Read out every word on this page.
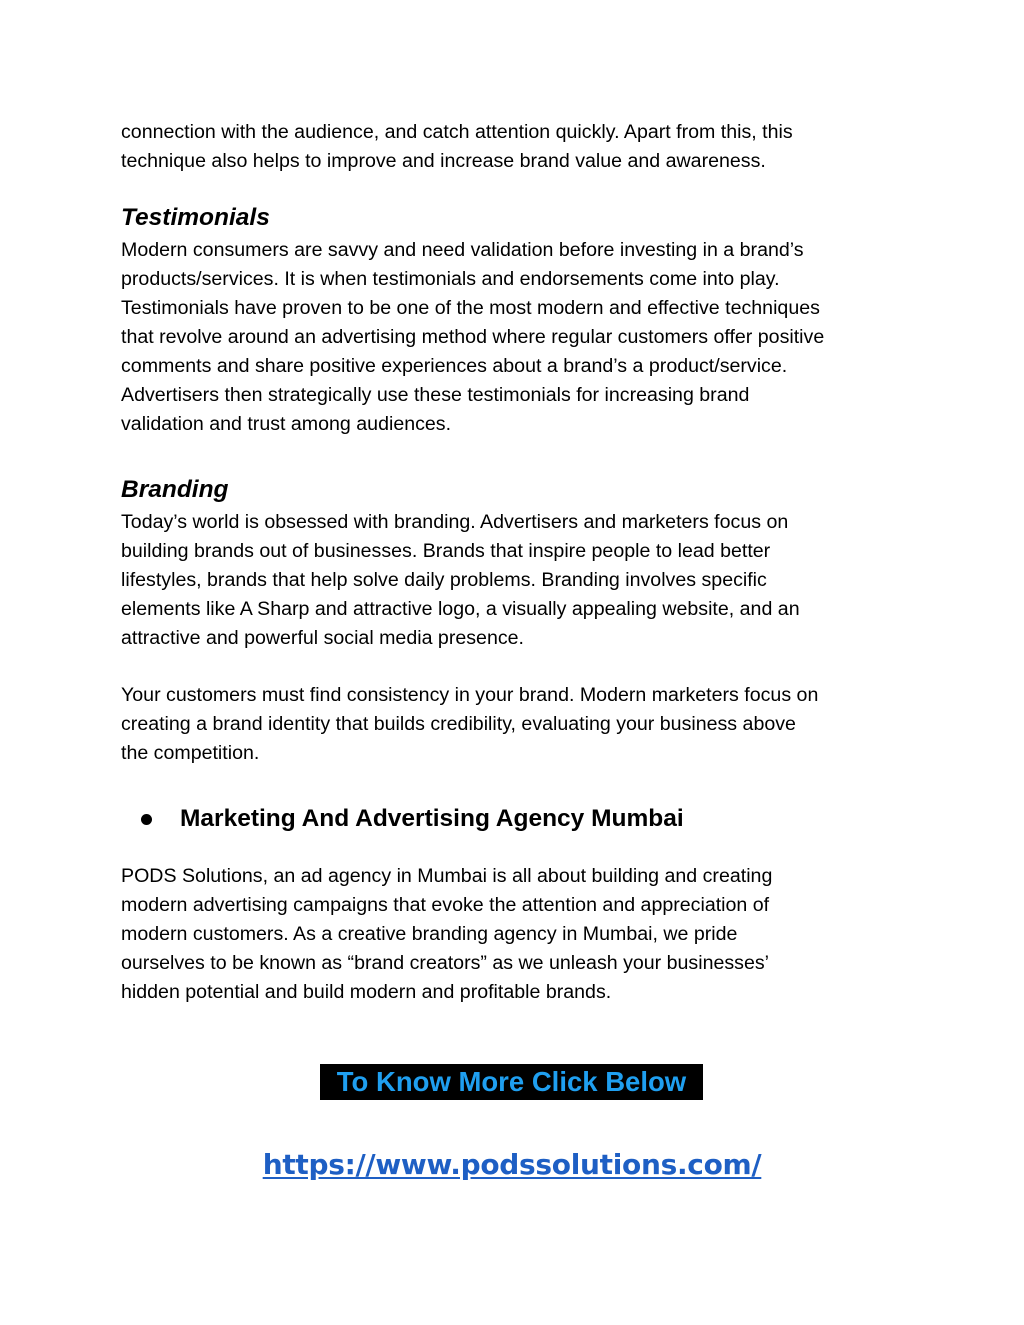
connection with the audience, and catch attention quickly. Apart from this, this
technique also helps to improve and increase brand value and awareness.

Testimonials

Modern consumers are savvy and need validation before investing in a brand’s
products/services. It is when testimonials and endorsements come into play.
Testimonials have proven to be one of the most modern and effective techniques
that revolve around an advertising method where regular customers offer positive
comments and share positive experiences about a brand’s a product/service.
Advertisers then strategically use these testimonials for increasing brand
validation and trust among audiences.

Branding

Today’s world is obsessed with branding. Advertisers and marketers focus on
building brands out of businesses. Brands that inspire people to lead better
lifestyles, brands that help solve daily problems. Branding involves specific
elements like A Sharp and attractive logo, a visually appealing website, and an
attractive and powerful social media presence.

Your customers must find consistency in your brand. Modern marketers focus on
creating a brand identity that builds credibility, evaluating your business above
the competition.

Marketing And Advertising Agency Mumbai

PODS Solutions, an ad agency in Mumbai is all about building and creating
modern advertising campaigns that evoke the attention and appreciation of
modern customers. As a creative branding agency in Mumbai, we pride
ourselves to be known as “brand creators” as we unleash your businesses’
hidden potential and build modern and profitable brands.

To Know More Click Below
https://www.podssolutions.com/
